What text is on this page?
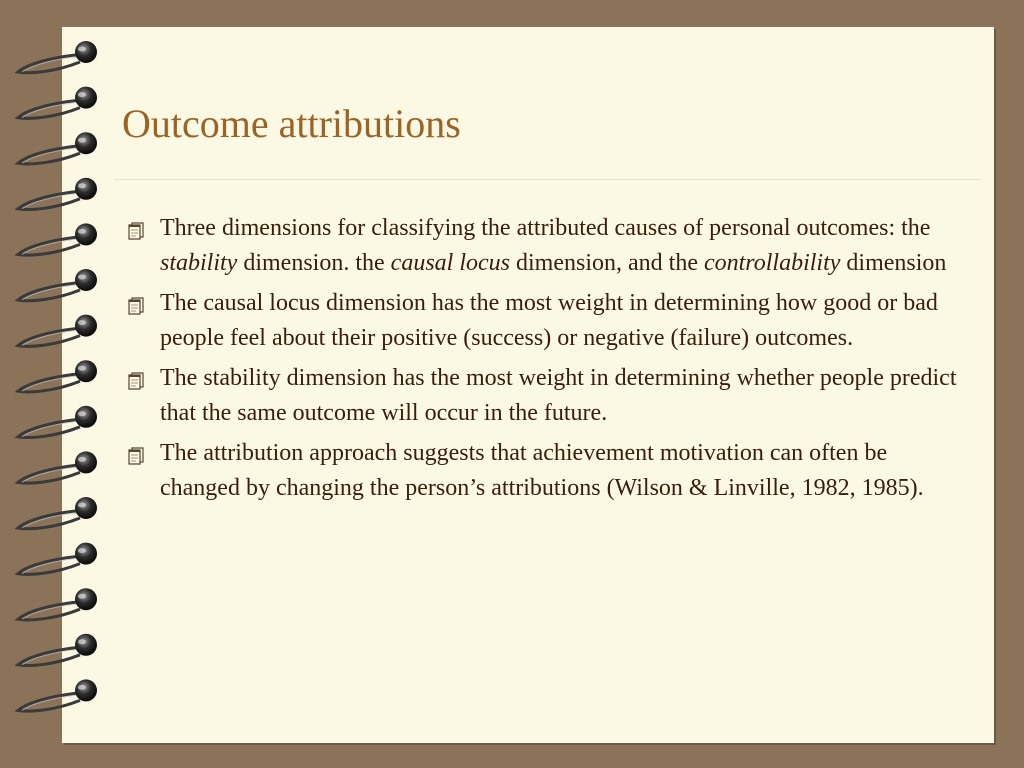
Outcome attributions
Three dimensions for classifying the attributed causes of personal outcomes: the stability dimension. the causal locus dimension, and the controllability dimension
The causal locus dimension has the most weight in determining how good or bad people feel about their positive (success) or negative (failure) outcomes.
The stability dimension has the most weight in determining whether people predict that the same outcome will occur in the future.
The attribution approach suggests that achievement motivation can often be changed by changing the person’s attributions (Wilson & Linville, 1982, 1985).
